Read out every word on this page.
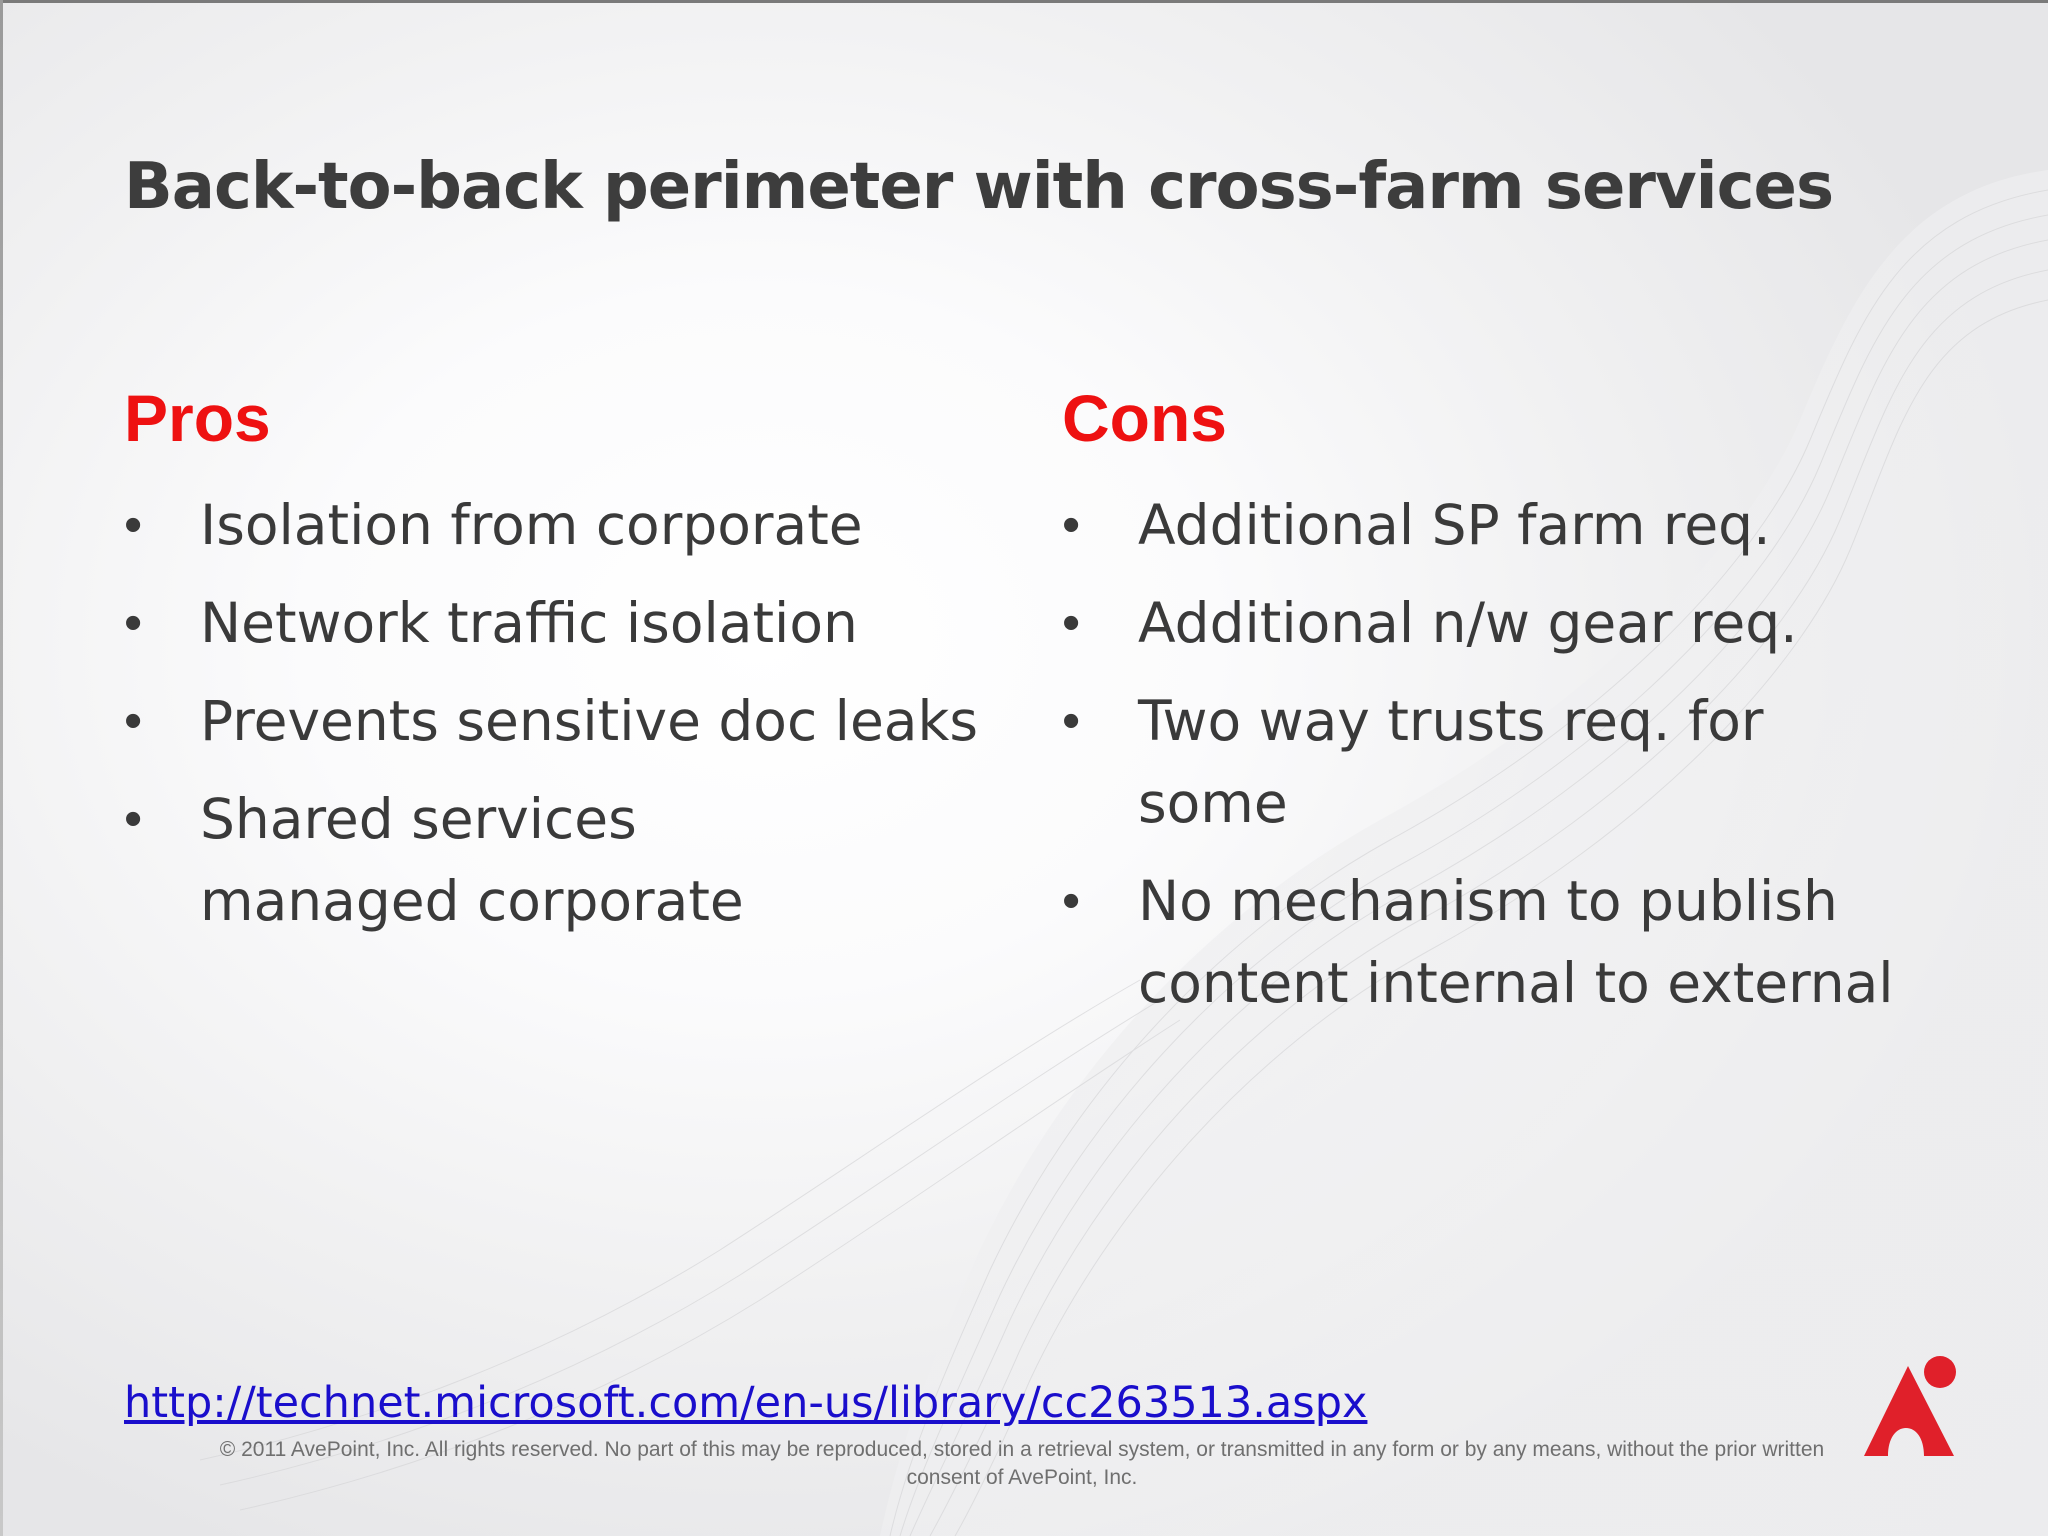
Back-to-back perimeter with cross-farm services
Pros
• Isolation from corporate
• Network traffic isolation
• Prevents sensitive doc leaks
• Shared services managed corporate
Cons
• Additional SP farm req.
• Additional n/w gear req.
• Two way trusts req. for some
• No mechanism to publish content internal to external
http://technet.microsoft.com/en-us/library/cc263513.aspx
© 2011 AvePoint, Inc. All rights reserved. No part of this may be reproduced, stored in a retrieval system, or transmitted in any form or by any means, without the prior written consent of AvePoint, Inc.
